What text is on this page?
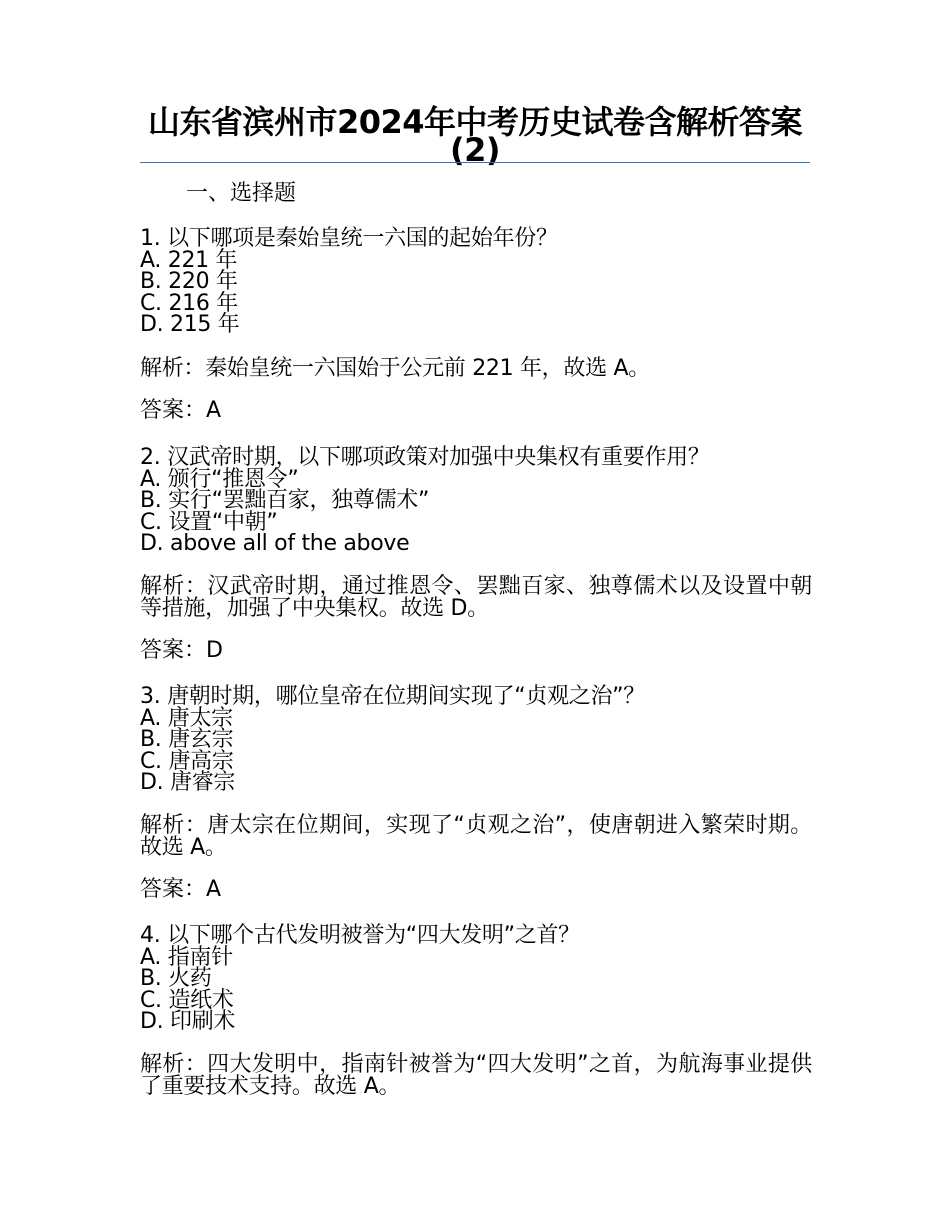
山东省滨州市2024年中考历史试卷含解析答案(2)
一、选择题
1. 以下哪项是秦始皇统一六国的起始年份？
A. 221 年
B. 220 年
C. 216 年
D. 215 年
解析：秦始皇统一六国始于公元前 221 年，故选 A。
答案：A
2. 汉武帝时期，以下哪项政策对加强中央集权有重要作用？
A. 颁行“推恩令”
B. 实行“罢黜百家，独尊儒术”
C. 设置“中朝”
D. above all of the above
解析：汉武帝时期，通过推恩令、罢黜百家、独尊儒术以及设置中朝等措施，加强了中央集权。故选 D。
答案：D
3. 唐朝时期，哪位皇帝在位期间实现了“贞观之治”？
A. 唐太宗
B. 唐玄宗
C. 唐高宗
D. 唐睿宗
解析：唐太宗在位期间，实现了“贞观之治”，使唐朝进入繁荣时期。故选 A。
答案：A
4. 以下哪个古代发明被誉为“四大发明”之首？
A. 指南针
B. 火药
C. 造纸术
D. 印刷术
解析：四大发明中，指南针被誉为“四大发明”之首，为航海事业提供了重要技术支持。故选 A。
